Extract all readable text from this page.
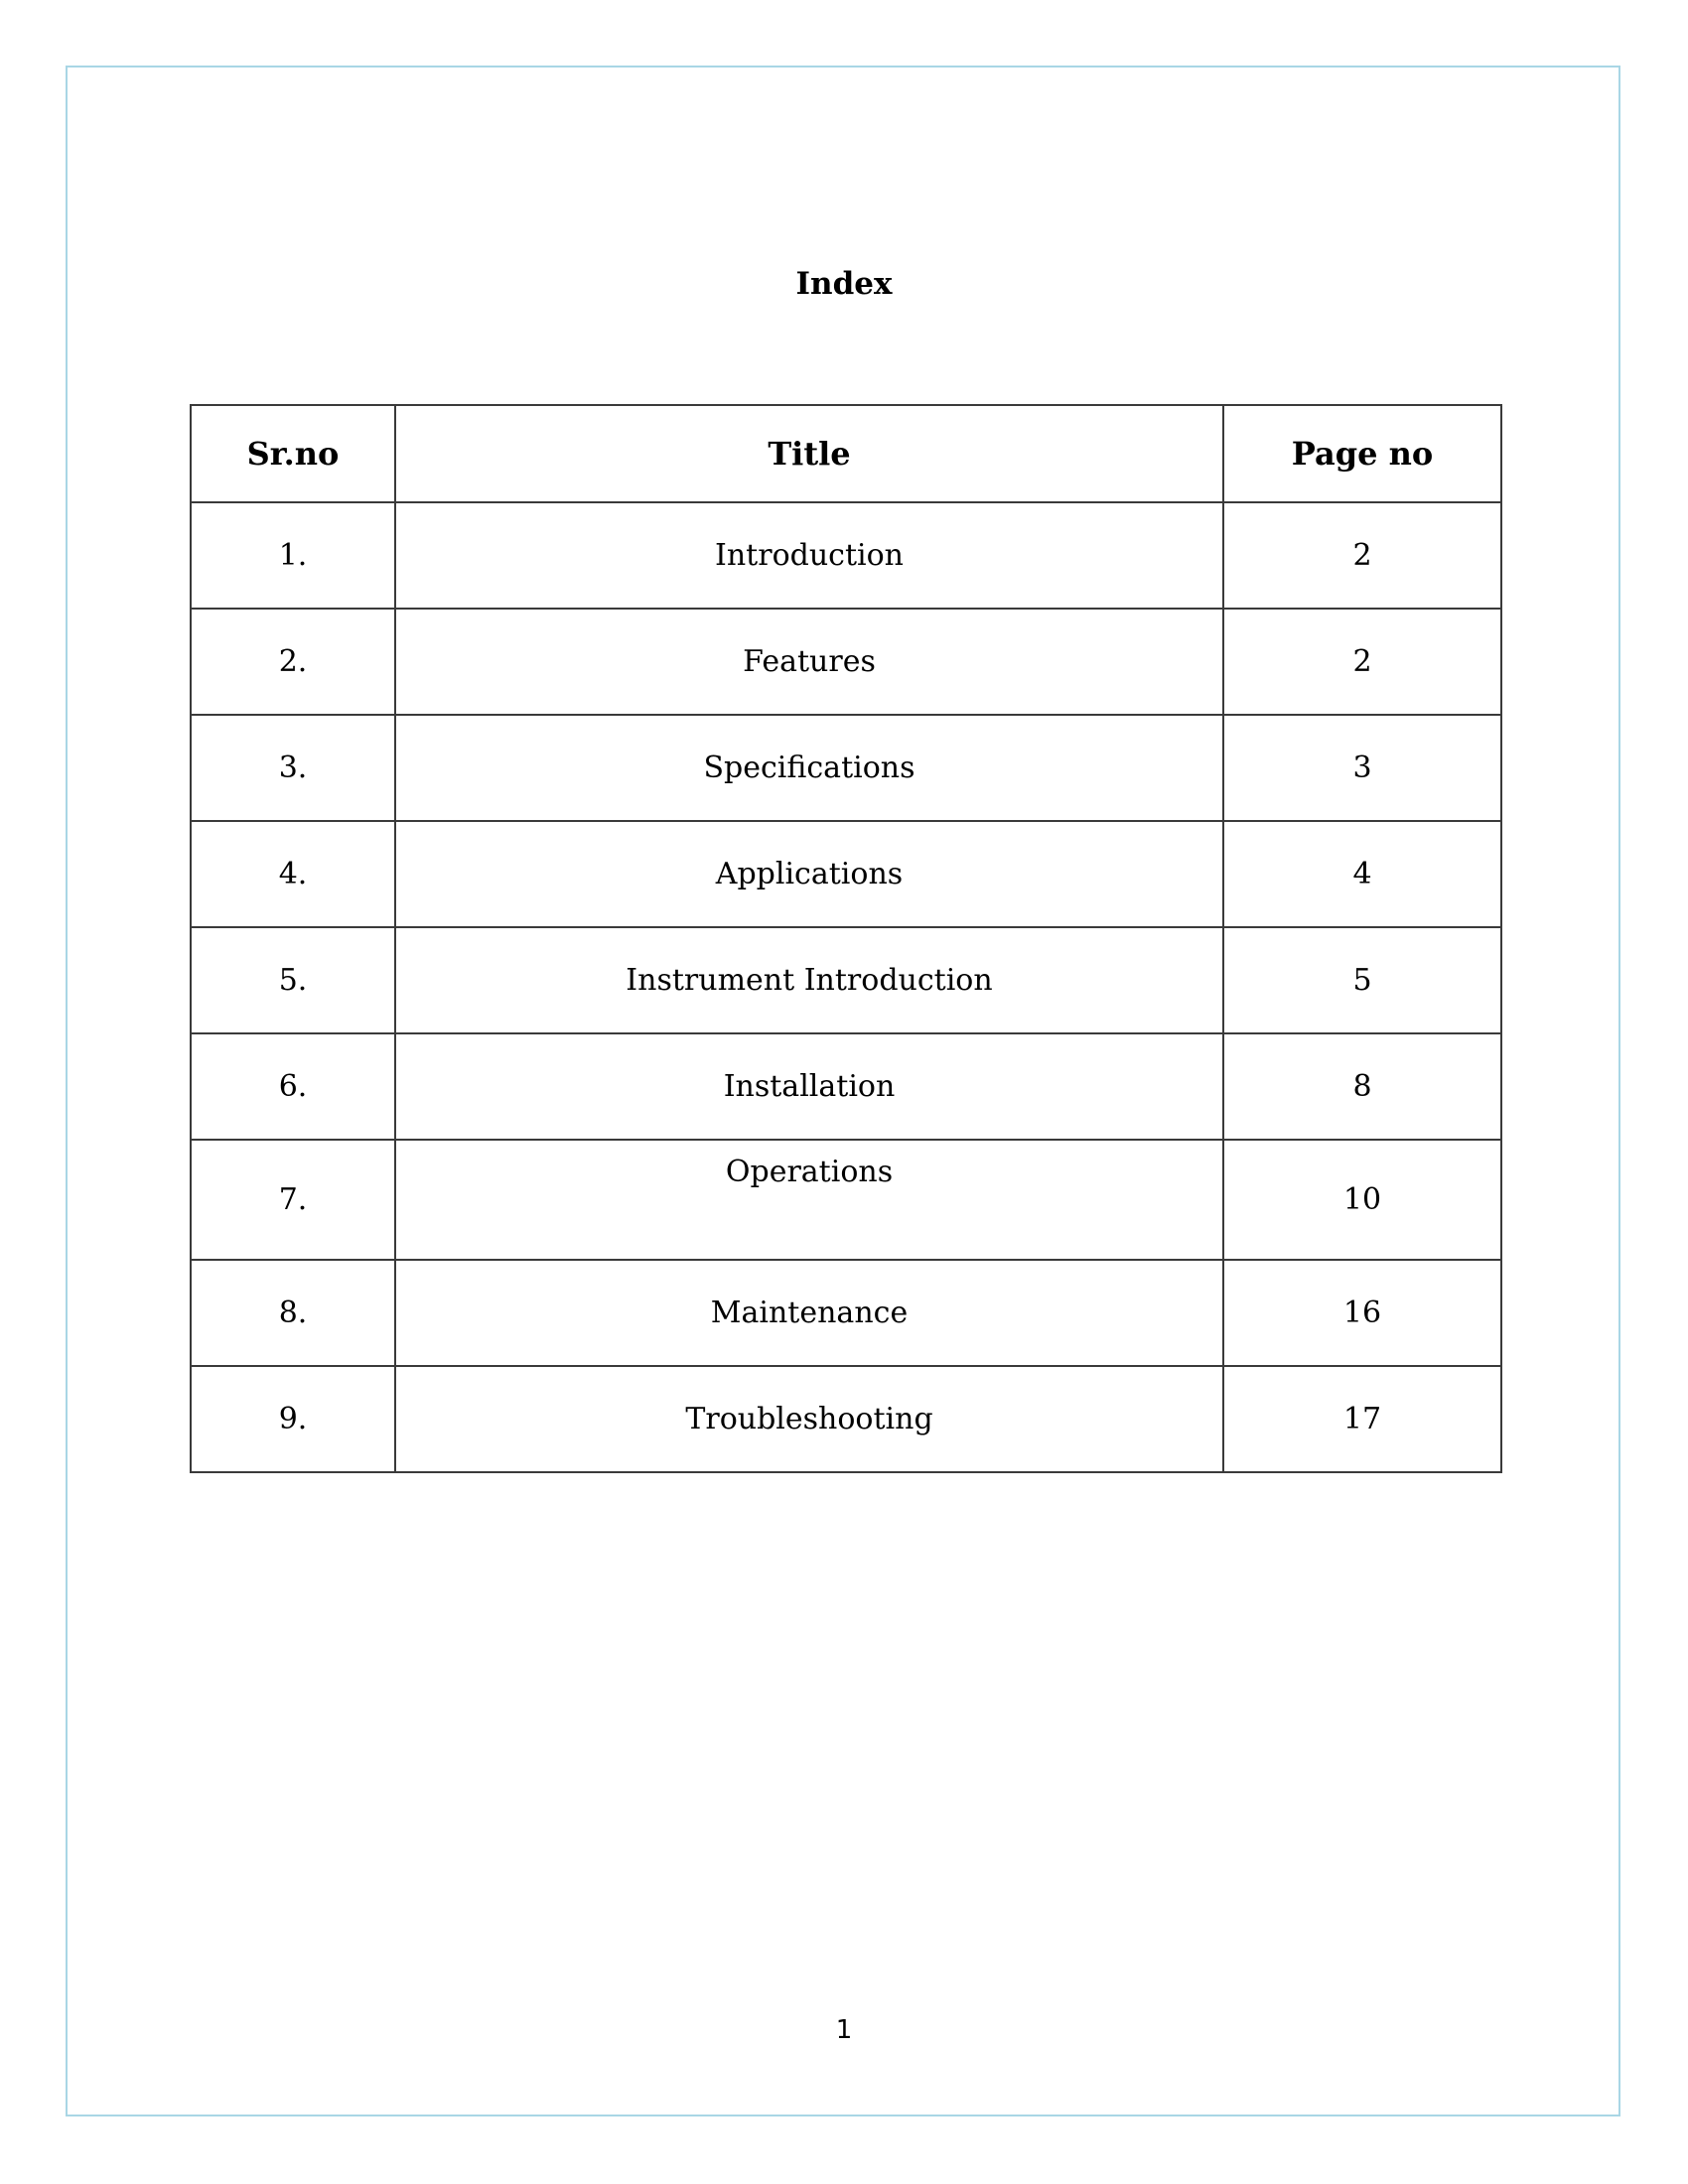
Index
Sr.no	Title	Page no
1.	Introduction	2
2.	Features	2
3.	Specifications	3
4.	Applications	4
5.	Instrument Introduction	5
6.	Installation	8
7.	Operations	10
8.	Maintenance	16
9.	Troubleshooting	17
1
